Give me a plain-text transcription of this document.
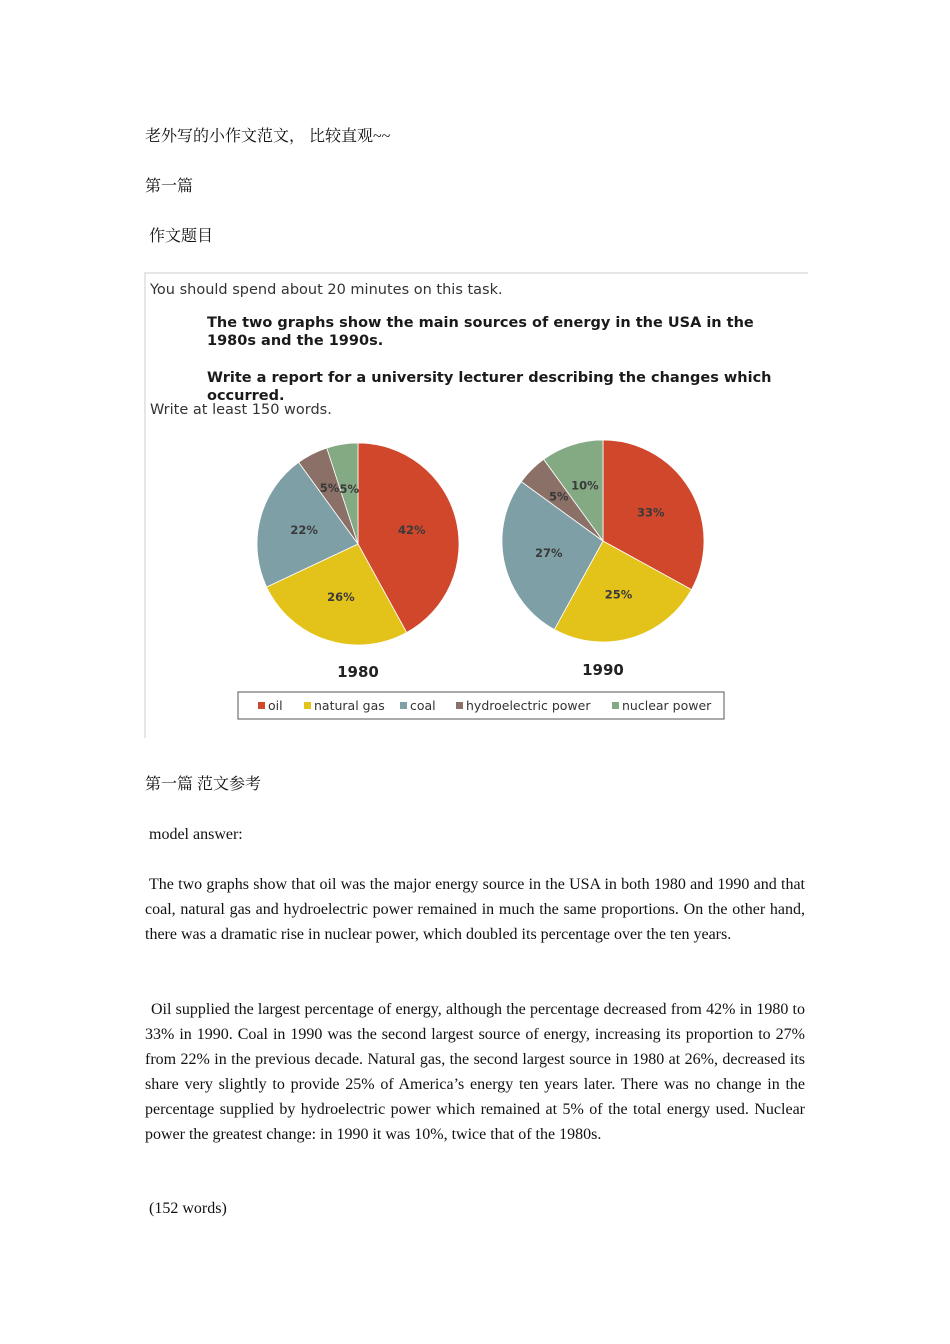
老外写的小作文范文， 比较直观~~

第一篇

作文题目

You should spend about 20 minutes on this task.
The two graphs show the main sources of energy in the USA in the 1980s and the 1990s.
Write a report for a university lecturer describing the changes which occurred.
Write at least 150 words.
42%
26%
22%
5% 5%
33%
25%
27%
5%
10%
1980	1990
oil	natural gas coal hydroelectric power	nuclear power

第一篇 范文参考

model answer:

The two graphs show that oil was the major energy source in the USA in both 1980 and 1990 and that coal, natural gas and hydroelectric power remained in much the same proportions. On the other hand, there was a dramatic rise in nuclear power, which doubled its percentage over the ten years.

Oil supplied the largest percentage of energy, although the percentage decreased from 42% in 1980 to 33% in 1990. Coal in 1990 was the second largest source of energy, increasing its proportion to 27% from 22% in the previous decade. Natural gas, the second largest source in 1980 at 26%, decreased its share very slightly to provide 25% of America’s energy ten years later. There was no change in the percentage supplied by hydroelectric power which remained at 5% of the total energy used. Nuclear power the greatest change: in 1990 it was 10%, twice that of the 1980s.

(152 words)
